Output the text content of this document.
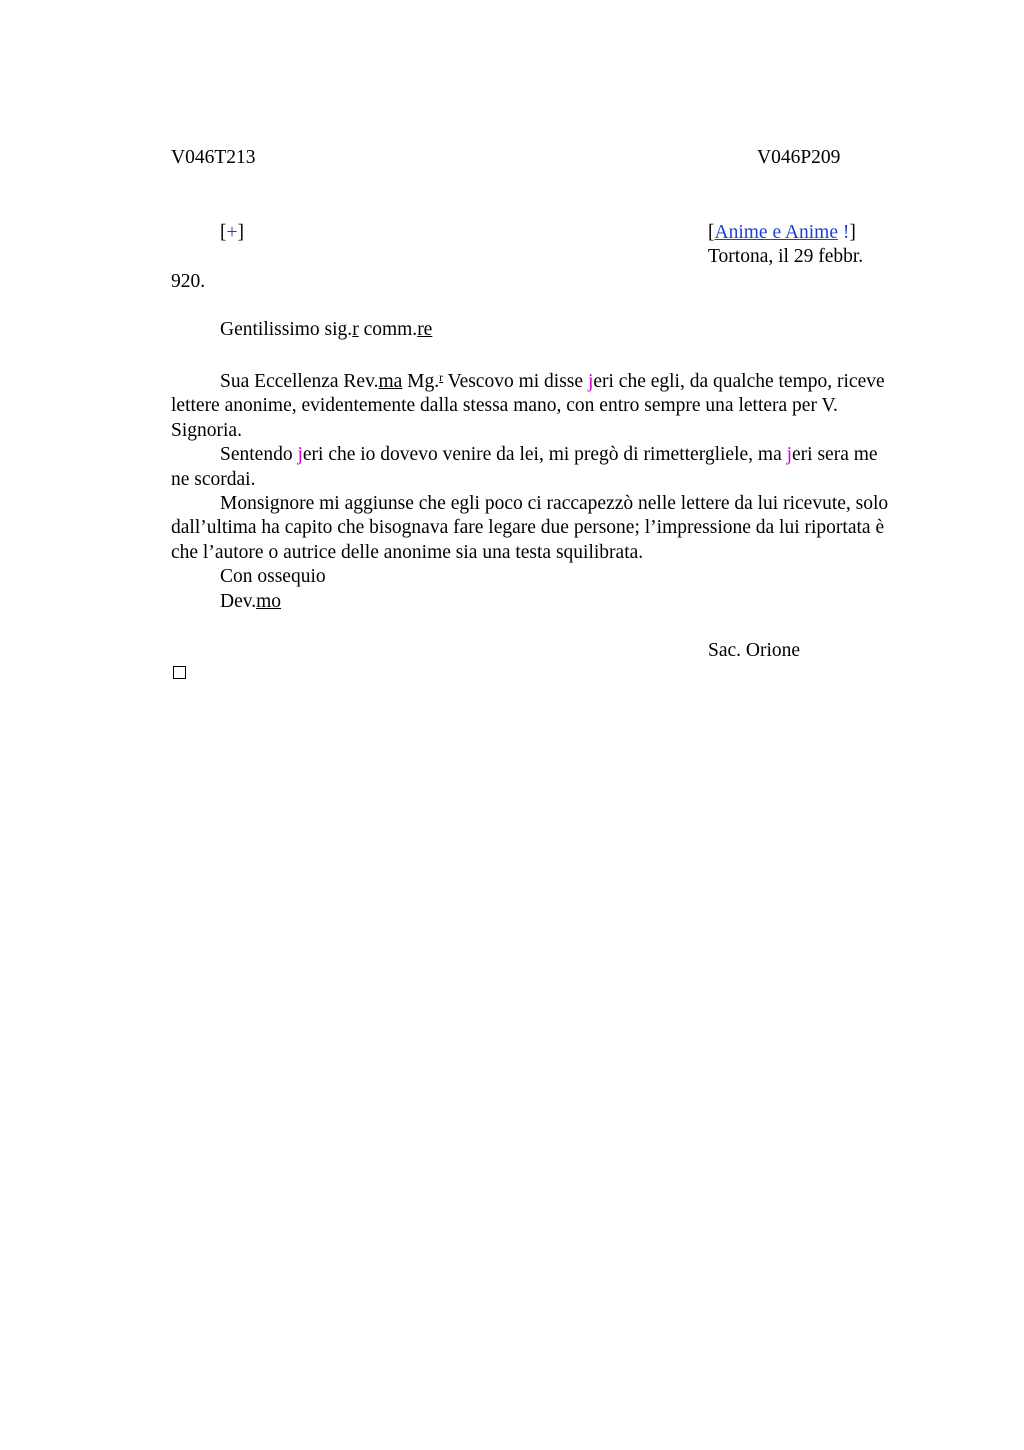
V046T213	V046P209
[+]	[Anime e Anime !]
Tortona, il 29 febbr.
920.
Gentilissimo sig.r comm.re

Sua Eccellenza Rev.ma Mg.$^r$ Vescovo mi disse jeri che egli, da qualche tempo, riceve lettere anonime, evidentemente dalla stessa mano, con entro sempre una lettera per V. Signoria.

Sentendo jeri che io dovevo venire da lei, mi pregò di rimettergliele, ma jeri sera me ne scordai.

Monsignore mi aggiunse che egli poco ci raccapezzò nelle lettere da lui ricevute, solo dall’ultima ha capito che bisognava fare legare due persone; l’impressione da lui riportata è che l’autore o autrice delle anonime sia una testa squilibrata.

Con ossequio

Dev.mo

Sac. Orione
